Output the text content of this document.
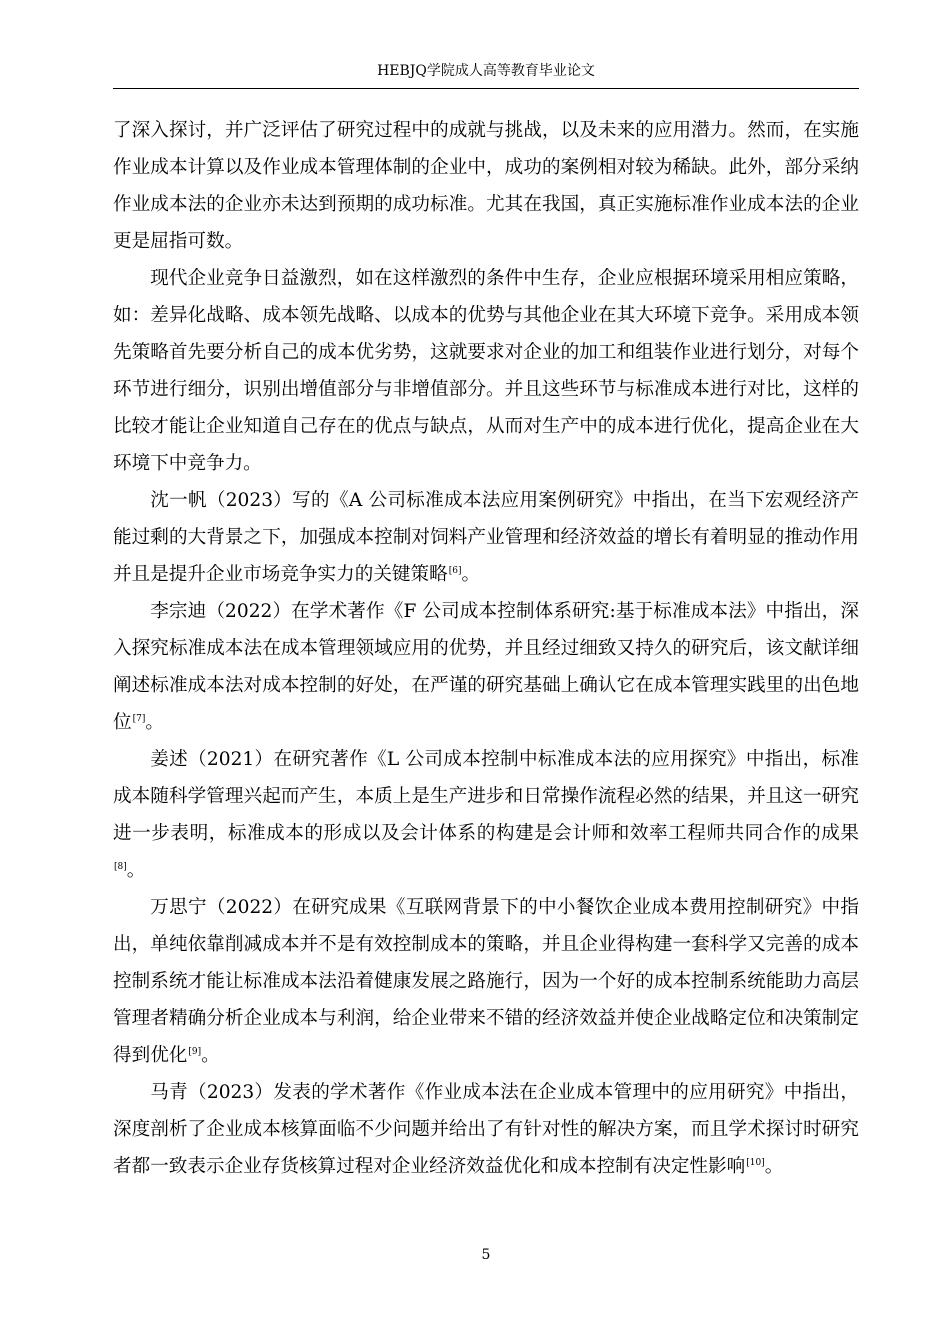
HEBJQ学院成人高等教育毕业论文

了深入探讨，并广泛评估了研究过程中的成就与挑战，以及未来的应用潜力。然而，在实施作业成本计算以及作业成本管理体制的企业中，成功的案例相对较为稀缺。此外，部分采纳作业成本法的企业亦未达到预期的成功标准。尤其在我国，真正实施标准作业成本法的企业更是屈指可数。

现代企业竞争日益激烈，如在这样激烈的条件中生存，企业应根据环境采用相应策略，如：差异化战略、成本领先战略、以成本的优势与其他企业在其大环境下竞争。采用成本领先策略首先要分析自己的成本优劣势，这就要求对企业的加工和组装作业进行划分，对每个环节进行细分，识别出增值部分与非增值部分。并且这些环节与标准成本进行对比，这样的比较才能让企业知道自己存在的优点与缺点，从而对生产中的成本进行优化，提高企业在大环境下中竞争力。

沈一帆（2023）写的《A 公司标准成本法应用案例研究》中指出，在当下宏观经济产能过剩的大背景之下，加强成本控制对饲料产业管理和经济效益的增长有着明显的推动作用并且是提升企业市场竞争实力的关键策略[6]。

李宗迪（2022）在学术著作《F 公司成本控制体系研究:基于标准成本法》中指出，深入探究标准成本法在成本管理领域应用的优势，并且经过细致又持久的研究后，该文献详细阐述标准成本法对成本控制的好处，在严谨的研究基础上确认它在成本管理实践里的出色地位[7]。

姜述（2021）在研究著作《L 公司成本控制中标准成本法的应用探究》中指出，标准成本随科学管理兴起而产生，本质上是生产进步和日常操作流程必然的结果，并且这一研究进一步表明，标准成本的形成以及会计体系的构建是会计师和效率工程师共同合作的成果[8]。

万思宁（2022）在研究成果《互联网背景下的中小餐饮企业成本费用控制研究》中指出，单纯依靠削减成本并不是有效控制成本的策略，并且企业得构建一套科学又完善的成本控制系统才能让标准成本法沿着健康发展之路施行，因为一个好的成本控制系统能助力高层管理者精确分析企业成本与利润，给企业带来不错的经济效益并使企业战略定位和决策制定得到优化[9]。

马青（2023）发表的学术著作《作业成本法在企业成本管理中的应用研究》中指出，深度剖析了企业成本核算面临不少问题并给出了有针对性的解决方案，而且学术探讨时研究者都一致表示企业存货核算过程对企业经济效益优化和成本控制有决定性影响[10]。

5
